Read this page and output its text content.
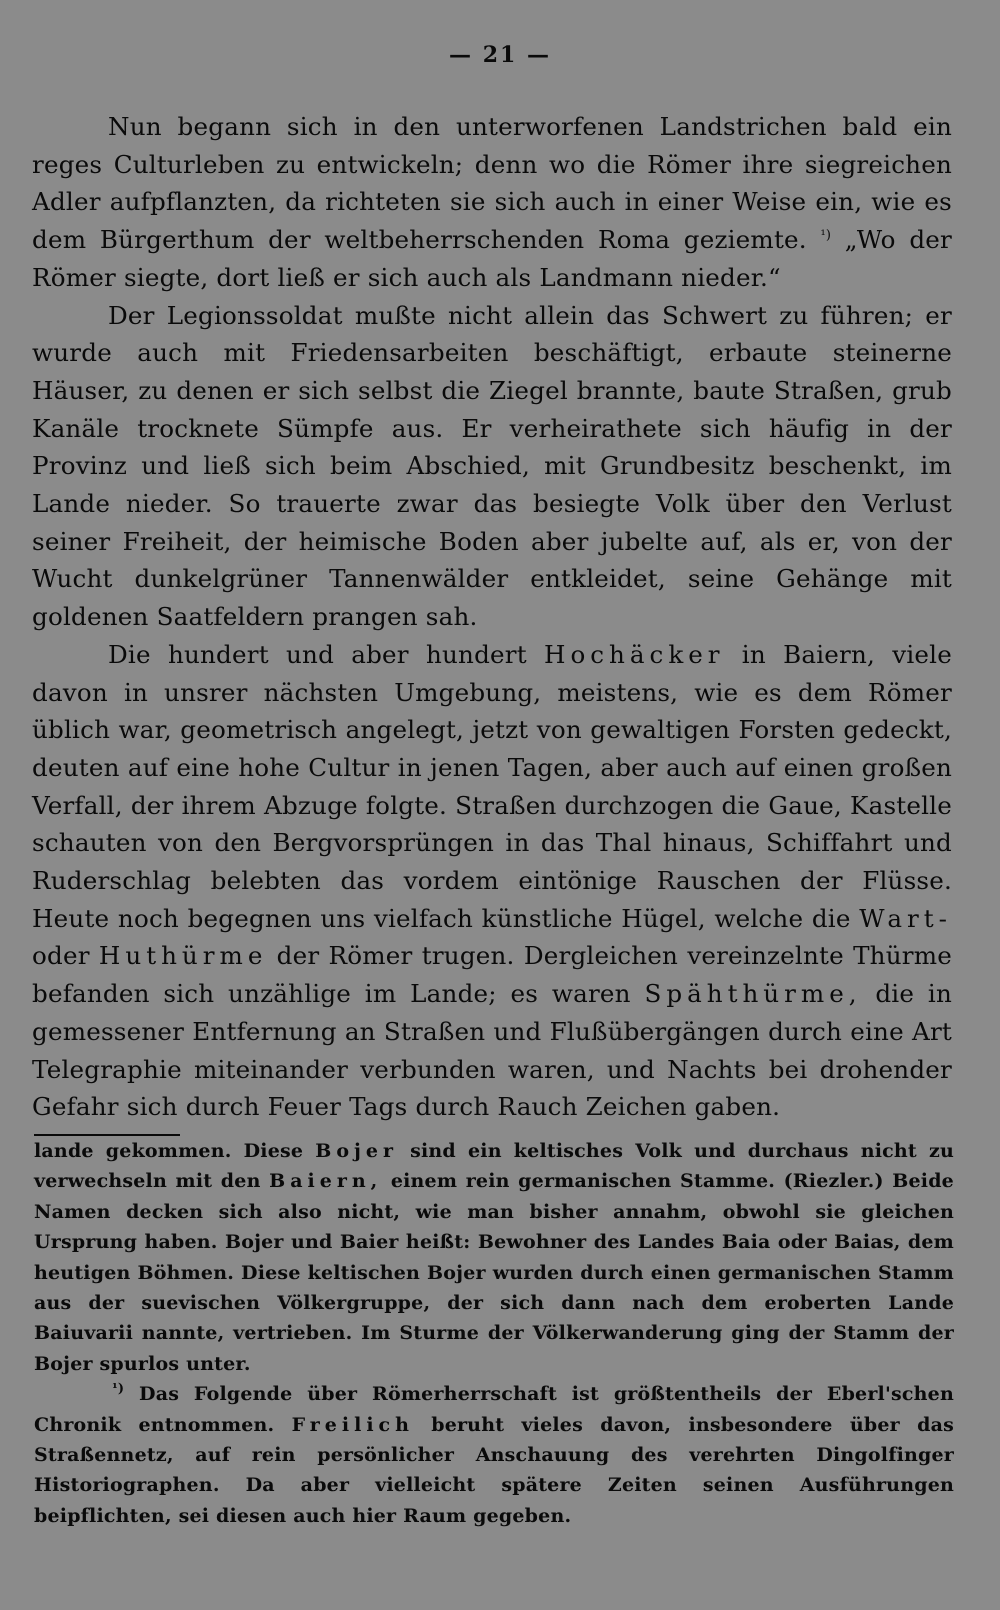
— 21 —

Nun begann sich in den unterworfenen Landstrichen bald ein reges Culturleben zu entwickeln; denn wo die Römer ihre siegreichen Adler aufpflanzten, da richteten sie sich auch in einer Weise ein, wie es dem Bürgerthum der weltbeherrschenden Roma geziemte. $^{^1)}$ „Wo der Römer siegte, dort ließ er sich auch als Landmann nieder.“

Der Legionssoldat mußte nicht allein das Schwert zu führen; er wurde auch mit Friedensarbeiten beschäftigt, erbaute steinerne Häuser, zu denen er sich selbst die Ziegel brannte, baute Straßen, grub Kanäle trocknete Sümpfe aus. Er verheirathete sich häufig in der Provinz und ließ sich beim Abschied, mit Grundbesitz beschenkt, im Lande nieder. So trauerte zwar das besiegte Volk über den Verlust seiner Freiheit, der heimische Boden aber jubelte auf, als er, von der Wucht dunkelgrüner Tannenwälder entkleidet, seine Gehänge mit goldenen Saatfeldern prangen sah.

Die hundert und aber hundert Hochäcker in Baiern, viele davon in unsrer nächsten Umgebung, meistens, wie es dem Römer üblich war, geometrisch angelegt, jetzt von gewaltigen Forsten gedeckt, deuten auf eine hohe Cultur in jenen Tagen, aber auch auf einen großen Verfall, der ihrem Abzuge folgte. Straßen durchzogen die Gaue, Kastelle schauten von den Bergvorsprüngen in das Thal hinaus, Schiffahrt und Ruderschlag belebten das vordem eintönige Rauschen der Flüsse. Heute noch begegnen uns vielfach künstliche Hügel, welche die Wart- oder Huthürme der Römer trugen. Dergleichen vereinzelnte Thürme befanden sich unzählige im Lande; es waren Spähthürme, die in gemessener Entfernung an Straßen und Flußübergängen durch eine Art Telegraphie miteinander verbunden waren, und Nachts bei drohender Gefahr sich durch Feuer Tags durch Rauch Zeichen gaben.

lande gekommen. Diese Bojer sind ein keltisches Volk und durchaus nicht zu verwechseln mit den Baiern, einem rein germanischen Stamme. (Riezler.) Beide Namen decken sich also nicht, wie man bisher annahm, obwohl sie gleichen Ursprung haben. Bojer und Baier heißt: Bewohner des Landes Baia oder Baias, dem heutigen Böhmen. Diese keltischen Bojer wurden durch einen germanischen Stamm aus der suevischen Völkergruppe, der sich dann nach dem eroberten Lande Baiuvarii nannte, vertrieben. Im Sturme der Völkerwanderung ging der Stamm der Bojer spurlos unter.

$^{^1)}$ Das Folgende über Römerherrschaft ist größtentheils der Eberl'schen Chronik entnommen. Freilich beruht vieles davon, insbesondere über das Straßennetz, auf rein persönlicher Anschauung des verehrten Dingolfinger Historiographen. Da aber vielleicht spätere Zeiten seinen Ausführungen beipflichten, sei diesen auch hier Raum gegeben.
